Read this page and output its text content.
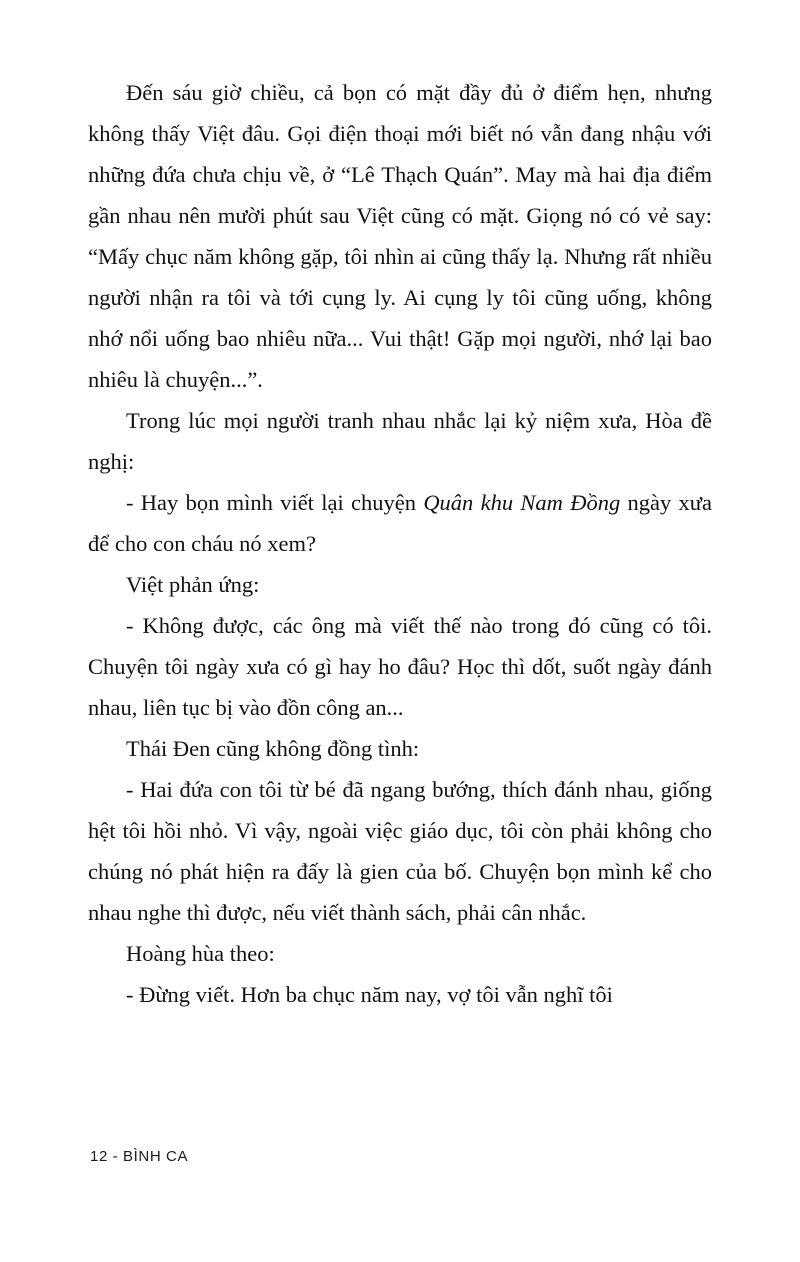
Đến sáu giờ chiều, cả bọn có mặt đầy đủ ở điểm hẹn, nhưng không thấy Việt đâu. Gọi điện thoại mới biết nó vẫn đang nhậu với những đứa chưa chịu về, ở “Lê Thạch Quán”. May mà hai địa điểm gần nhau nên mười phút sau Việt cũng có mặt. Giọng nó có vẻ say: “Mấy chục năm không gặp, tôi nhìn ai cũng thấy lạ. Nhưng rất nhiều người nhận ra tôi và tới cụng ly. Ai cụng ly tôi cũng uống, không nhớ nổi uống bao nhiêu nữa... Vui thật! Gặp mọi người, nhớ lại bao nhiêu là chuyện...”.

Trong lúc mọi người tranh nhau nhắc lại kỷ niệm xưa, Hòa đề nghị:

- Hay bọn mình viết lại chuyện Quân khu Nam Đồng ngày xưa để cho con cháu nó xem?

Việt phản ứng:

- Không được, các ông mà viết thế nào trong đó cũng có tôi. Chuyện tôi ngày xưa có gì hay ho đâu? Học thì dốt, suốt ngày đánh nhau, liên tục bị vào đồn công an...

Thái Đen cũng không đồng tình:

- Hai đứa con tôi từ bé đã ngang bướng, thích đánh nhau, giống hệt tôi hồi nhỏ. Vì vậy, ngoài việc giáo dục, tôi còn phải không cho chúng nó phát hiện ra đấy là gien của bố. Chuyện bọn mình kể cho nhau nghe thì được, nếu viết thành sách, phải cân nhắc.

Hoàng hùa theo:

- Đừng viết. Hơn ba chục năm nay, vợ tôi vẫn nghĩ tôi

12 - BÌNH CA
